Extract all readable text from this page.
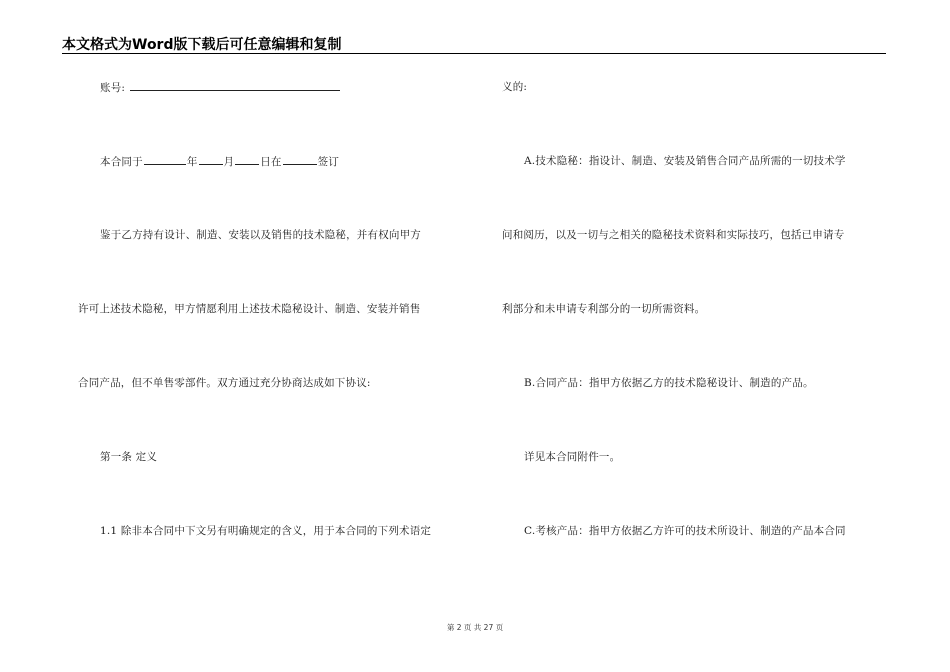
本文格式为Word版下载后可任意编辑和复制
账号:
本合同于	年 月 日在	签订
鉴于乙方持有设计、制造、安装以及销售的技术隐秘，并有权向甲方
许可上述技术隐秘，甲方情愿利用上述技术隐秘设计、制造、安装并销售
合同产品，但不单售零部件。双方通过充分协商达成如下协议:
第一条 定义
1.1 除非本合同中下文另有明确规定的含义，用于本合同的下列术语定
义的:
A.技术隐秘：指设计、制造、安装及销售合同产品所需的一切技术学
问和阅历，以及一切与之相关的隐秘技术资料和实际技巧，包括已申请专
利部分和未申请专利部分的一切所需资料。
B.合同产品：指甲方依据乙方的技术隐秘设计、制造的产品。
详见本合同附件一。
C.考核产品：指甲方依据乙方许可的技术所设计、制造的产品本合同
第 2 页 共 27 页
